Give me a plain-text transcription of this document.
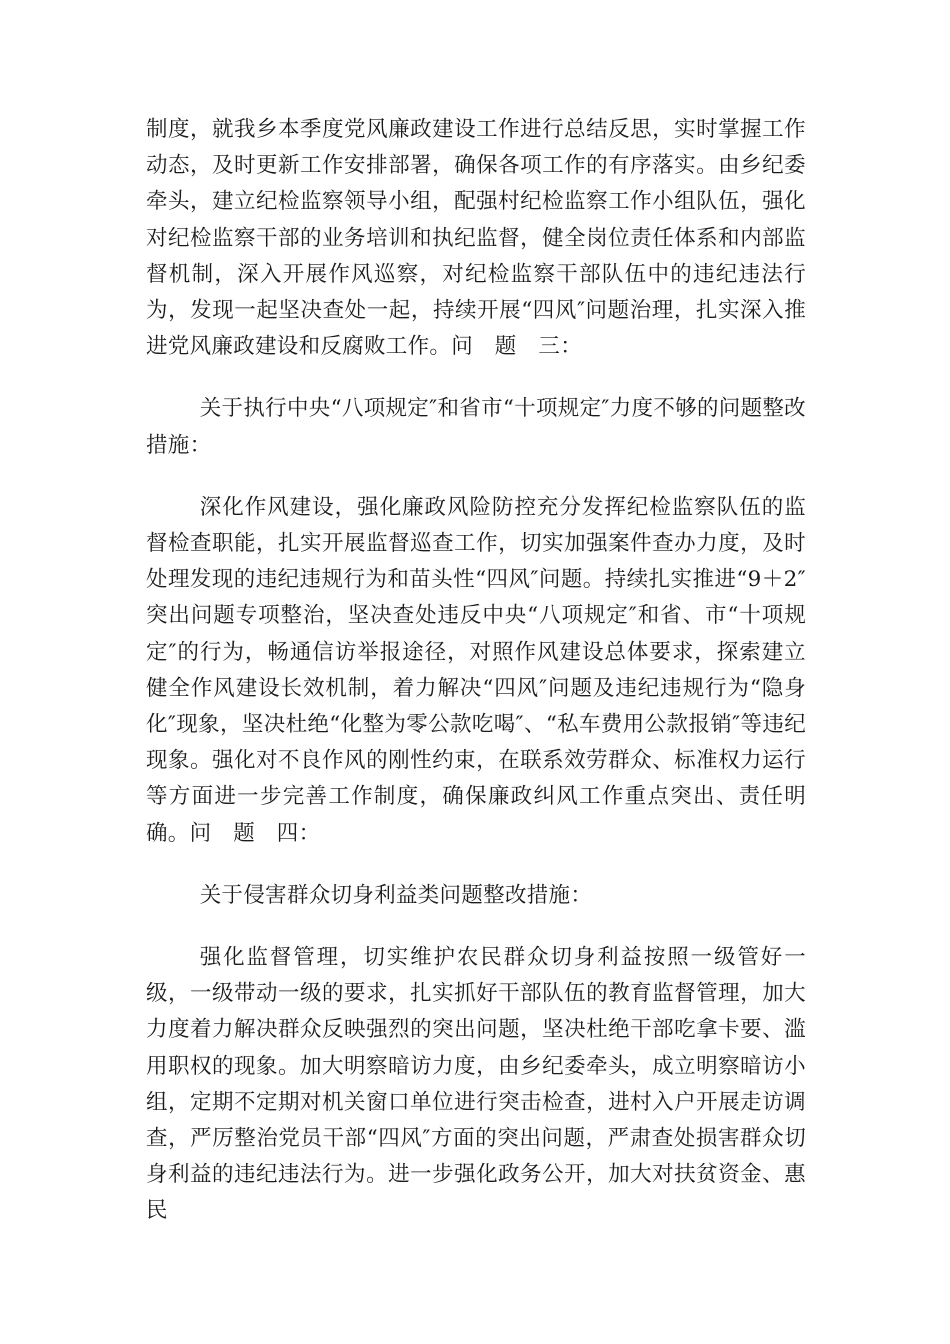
制度，就我乡本季度党风廉政建设工作进行总结反思，实时掌握工作动态，及时更新工作安排部署，确保各项工作的有序落实。由乡纪委牵头，建立纪检监察领导小组，配强村纪检监察工作小组队伍，强化对纪检监察干部的业务培训和执纪监督，健全岗位责任体系和内部监督机制，深入开展作风巡察，对纪检监察干部队伍中的违纪违法行为，发现一起坚决查处一起，持续开展“四风″问题治理，扎实深入推进党风廉政建设和反腐败工作。问　题　三：

关于执行中央“八项规定″和省市“十项规定″力度不够的问题整改措施：

深化作风建设，强化廉政风险防控充分发挥纪检监察队伍的监督检查职能，扎实开展监督巡查工作，切实加强案件查办力度，及时处理发现的违纪违规行为和苗头性“四风″问题。持续扎实推进“9＋2″突出问题专项整治，坚决查处违反中央“八项规定″和省、市“十项规定″的行为，畅通信访举报途径，对照作风建设总体要求，探索建立健全作风建设长效机制，着力解决“四风″问题及违纪违规行为“隐身化″现象，坚决杜绝“化整为零公款吃喝″、“私车费用公款报销″等违纪现象。强化对不良作风的刚性约束，在联系效劳群众、标准权力运行等方面进一步完善工作制度，确保廉政纠风工作重点突出、责任明确。问　题　四：

关于侵害群众切身利益类问题整改措施：

强化监督管理，切实维护农民群众切身利益按照一级管好一级，一级带动一级的要求，扎实抓好干部队伍的教育监督管理，加大力度着力解决群众反映强烈的突出问题，坚决杜绝干部吃拿卡要、滥用职权的现象。加大明察暗访力度，由乡纪委牵头，成立明察暗访小组，定期不定期对机关窗口单位进行突击检查，进村入户开展走访调查，严厉整治党员干部“四风″方面的突出问题，严肃查处损害群众切身利益的违纪违法行为。进一步强化政务公开，加大对扶贫资金、惠民
